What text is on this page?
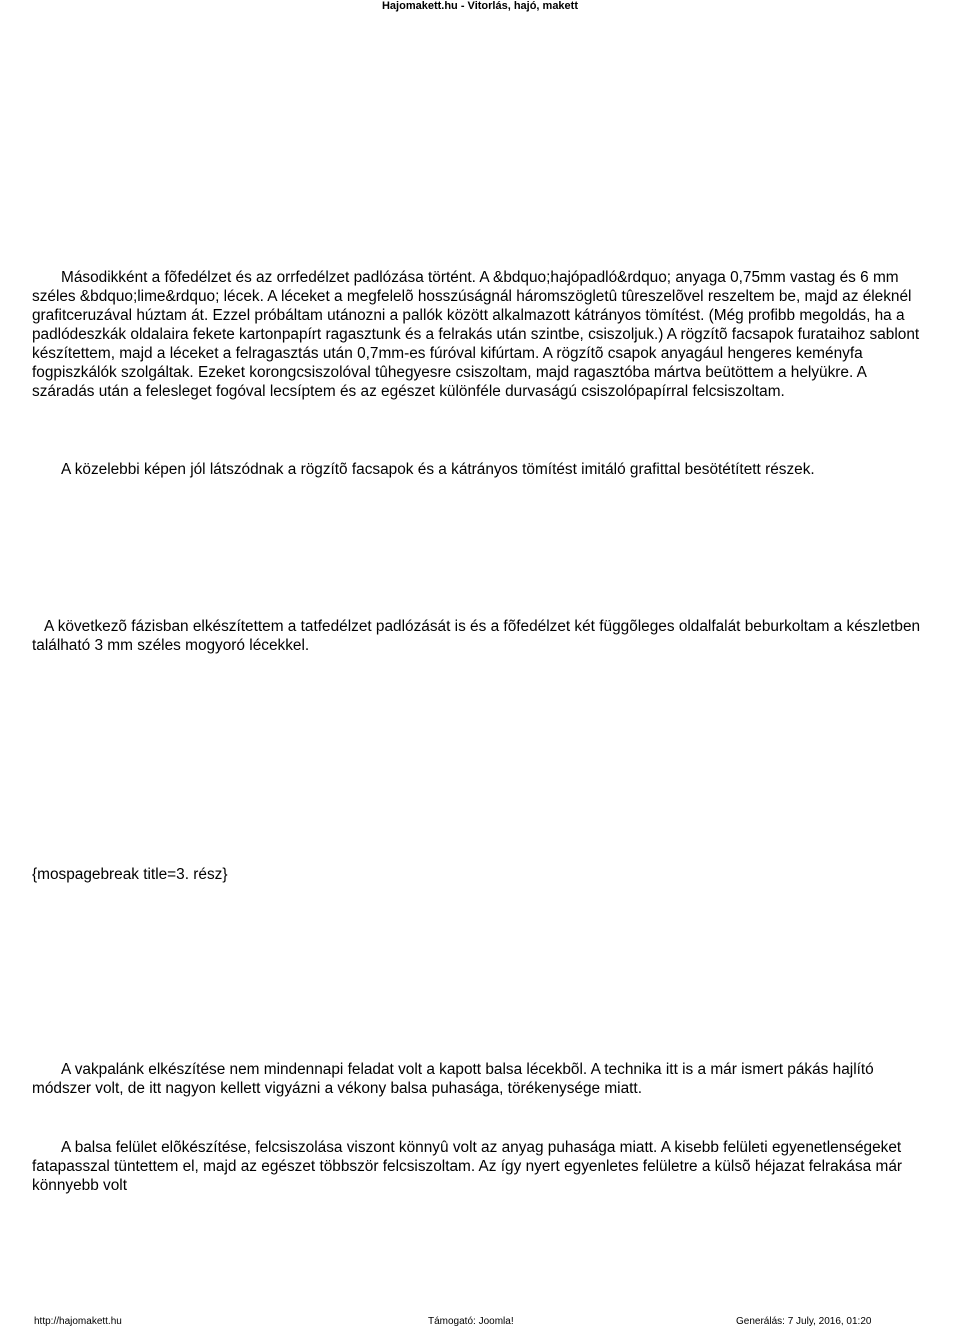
Hajomakett.hu - Vitorlás, hajó, makett

Másodikként a fõfedélzet és az orrfedélzet padlózása történt. A &bdquo;hajópadló&rdquo; anyaga 0,75mm vastag és 6 mm széles &bdquo;lime&rdquo; lécek. A léceket a megfelelõ hosszúságnál háromszögletû tûreszelõvel reszeltem be, majd az éleknél grafitceruzával húztam át. Ezzel próbáltam utánozni a pallók között alkalmazott kátrányos tömítést. (Még profibb megoldás, ha a padlódeszkák oldalaira fekete kartonpapírt ragasztunk és a felrakás után szintbe, csiszoljuk.) A rögzítõ facsapok furataihoz sablont készítettem, majd a léceket a felragasztás után 0,7mm-es fúróval kifúrtam. A rögzítõ csapok anyagául hengeres keményfa fogpiszkálók szolgáltak. Ezeket korongcsiszolóval tûhegyesre csiszoltam, majd ragasztóba mártva beütöttem a helyükre. A száradás után a felesleget fogóval lecsíptem és az egészet különféle durvaságú csiszolópapírral felcsiszoltam.

A közelebbi képen jól látszódnak a rögzítõ facsapok és a kátrányos tömítést imitáló grafittal besötétített részek.

A következõ fázisban elkészítettem a tatfedélzet padlózását is és a fõfedélzet két függõleges oldalfalát beburkoltam a készletben található 3 mm széles mogyoró lécekkel.

{mospagebreak title=3. rész}

A vakpalánk elkészítése nem mindennapi feladat volt a kapott balsa lécekbõl. A technika itt is a már ismert pákás hajlító módszer volt, de itt nagyon kellett vigyázni a vékony balsa puhasága, törékenysége miatt.

A balsa felület elõkészítése, felcsiszolása viszont könnyû volt az anyag puhasága miatt. A kisebb felületi egyenetlenségeket fatapasszal tüntettem el, majd az egészet többször felcsiszoltam. Az így nyert egyenletes felületre a külsõ héjazat felrakása már könnyebb volt

http://hajomakett.hu	Támogató: Joomla!	Generálás: 7 July, 2016, 01:20
